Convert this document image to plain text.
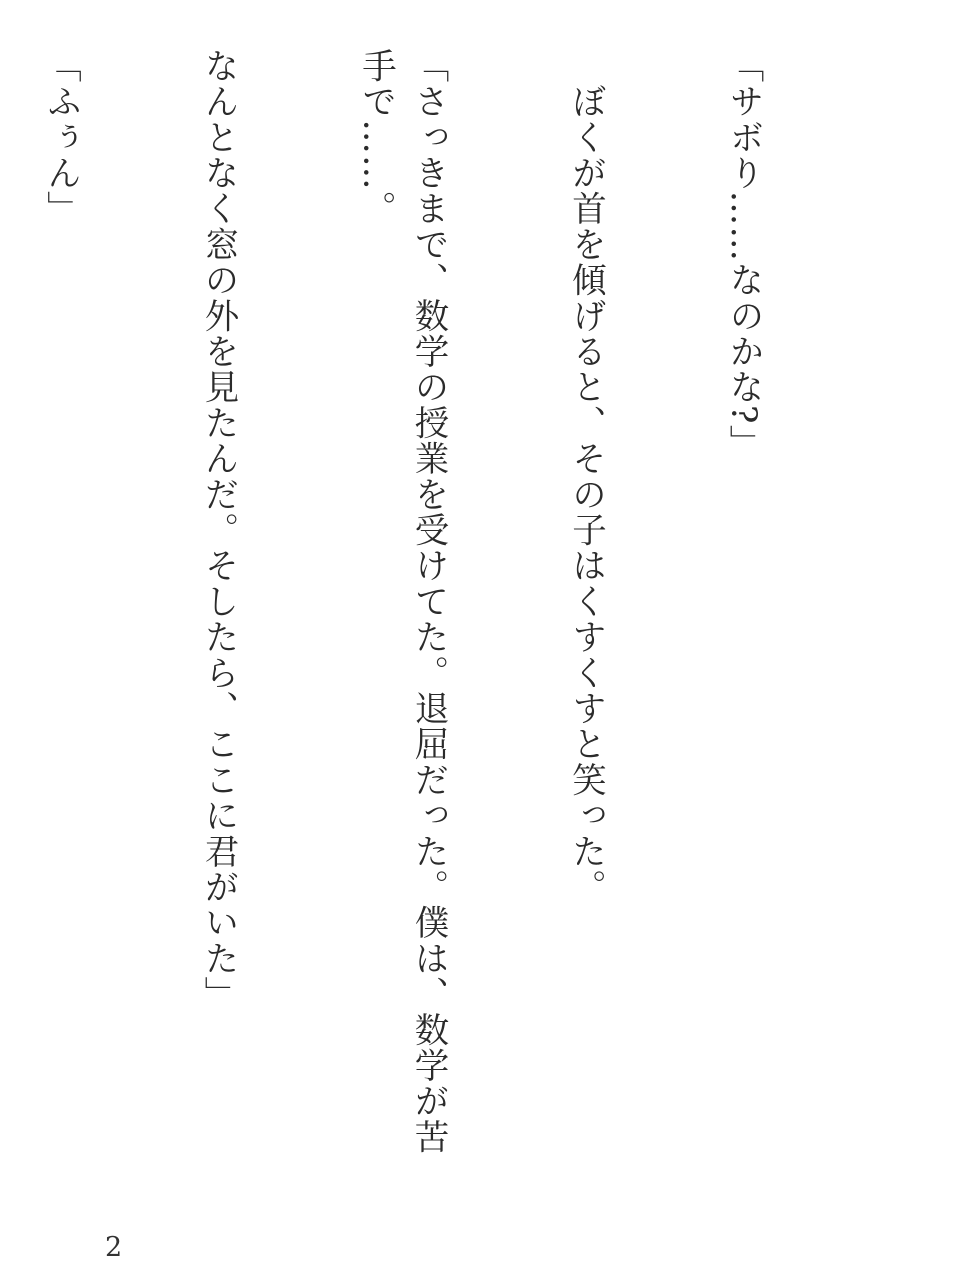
「サボり……なのかな?」

　ぼくが首を傾げると、その子はくすくすと笑った。

「さっきまで、数学の授業を受けてた。退屈だった。僕は、数学が苦手で……。

なんとなく窓の外を見たんだ。そしたら、ここに君がいた」

「ふぅん」

2
